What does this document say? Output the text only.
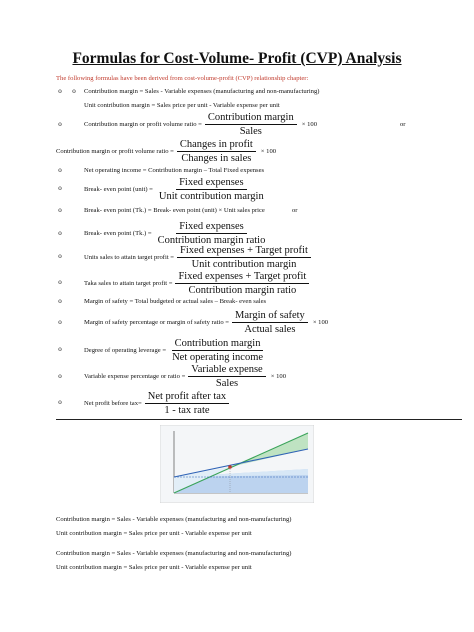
Formulas for Cost-Volume- Profit (CVP) Analysis
The following formulas have been derived from cost-volume-profit (CVP) relationship chapter:
o	o
o
o
o
o
o
o
o
o
o
o
o
o
Contribution margin = Sales - Variable expenses (manufacturing and non-manufacturing)
Unit contribution margin = Sales price per unit - Variable expense per unit
Contribution margin or profit volume ratio = $\frac{\text{Contribution margin}}{\text{Sales}} \times 100$	or
Contribution margin or profit volume ratio = $\frac{\text{Changes in profit}}{\text{Changes in sales}} \times 100$
Net operating income = Contribution margin – Total Fixed expenses
Break- even point (unit) = $\frac{\text{Fixed expenses}}{\text{Unit contribution margin}}$
Break- even point (Tk.) = Break- even point (unit) × Unit sales price	or
Break- even point $(Tk.) = \frac{\text{Fixed expenses}}{\text{Contribution margin ratio}}$
Units sales to attain target profit = $\frac{\text{Fixed expenses + Target profit}}{\text{Unit contribution margin}}$
Taka sales to attain target profit = $\frac{\text{Fixed expenses + Target profit}}{\text{Contribution margin ratio}}$
Margin of safety = Total budgeted or actual sales – Break- even sales
Margin of safety percentage or margin of safety ratio = $\frac{\text{Margin of safety}}{\text{Actual sales}} \times 100$
Degree of operating leverage = $\frac{\text{Contribution margin}}{\text{Net operating income}}$
Variable expense percentage or ratio = $\frac{\text{Variable expense}}{\text{Sales}} \times 100$
Net profit before $tax= \frac{\text{Net profit after tax}}{\text{1 - tax rate}}$
Contribution margin = Sales - Variable expenses (manufacturing and non-manufacturing)
Unit contribution margin = Sales price per unit - Variable expense per unit
Contribution margin = Sales - Variable expenses (manufacturing and non-manufacturing)
Unit contribution margin = Sales price per unit - Variable expense per unit
